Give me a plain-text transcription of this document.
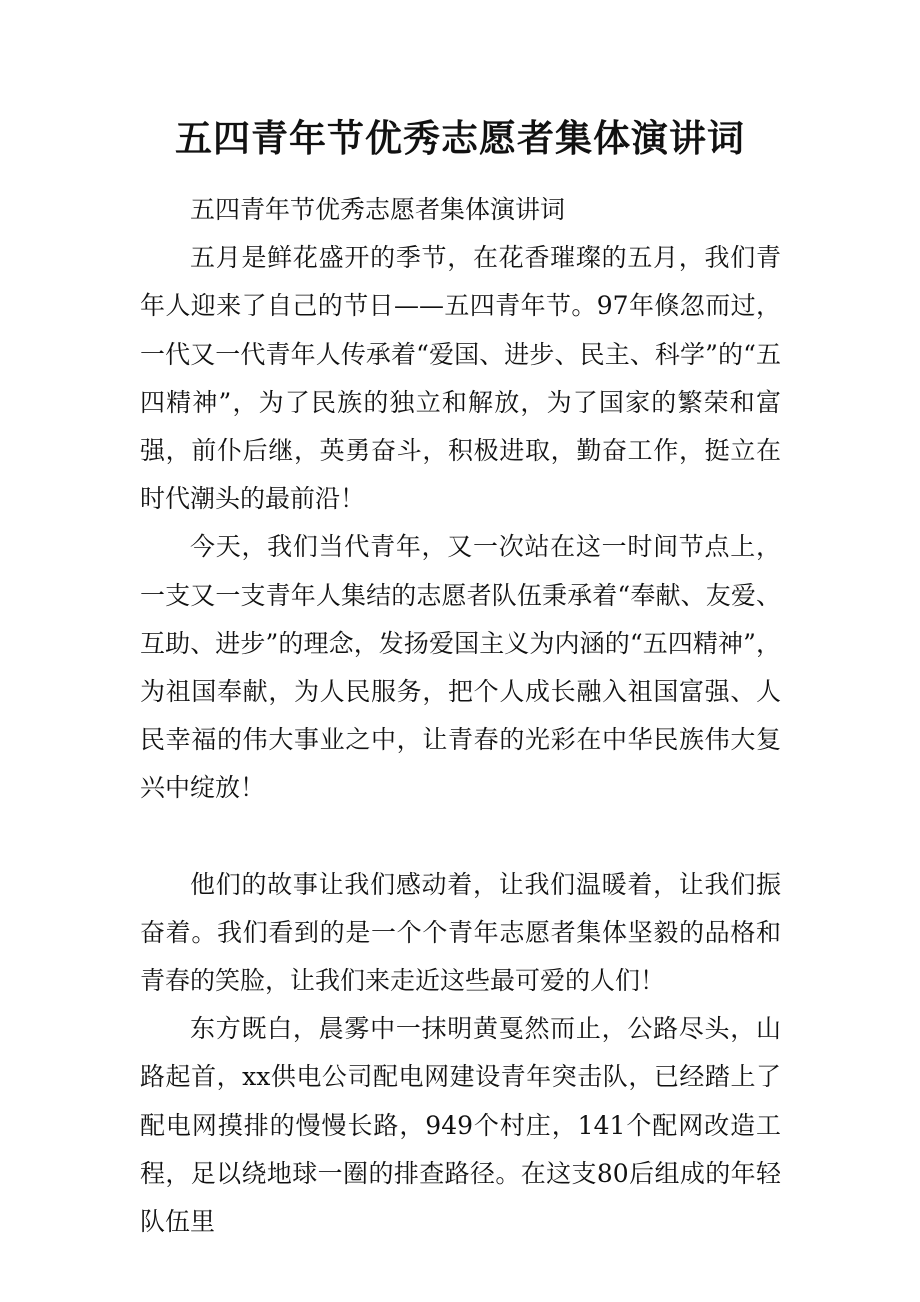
五四青年节优秀志愿者集体演讲词

五四青年节优秀志愿者集体演讲词

五月是鲜花盛开的季节，在花香璀璨的五月，我们青年人迎来了自己的节日——五四青年节。97年倏忽而过，一代又一代青年人传承着“爱国、进步、民主、科学”的“五四精神”，为了民族的独立和解放，为了国家的繁荣和富强，前仆后继，英勇奋斗，积极进取，勤奋工作，挺立在时代潮头的最前沿！

今天，我们当代青年，又一次站在这一时间节点上，一支又一支青年人集结的志愿者队伍秉承着“奉献、友爱、互助、进步”的理念，发扬爱国主义为内涵的“五四精神”，为祖国奉献，为人民服务，把个人成长融入祖国富强、人民幸福的伟大事业之中，让青春的光彩在中华民族伟大复兴中绽放！

他们的故事让我们感动着，让我们温暖着，让我们振奋着。我们看到的是一个个青年志愿者集体坚毅的品格和青春的笑脸，让我们来走近这些最可爱的人们！

东方既白，晨雾中一抹明黄戛然而止，公路尽头，山路起首，xx供电公司配电网建设青年突击队，已经踏上了配电网摸排的慢慢长路，949个村庄，141个配网改造工程，足以绕地球一圈的排查路径。在这支80后组成的年轻队伍里
